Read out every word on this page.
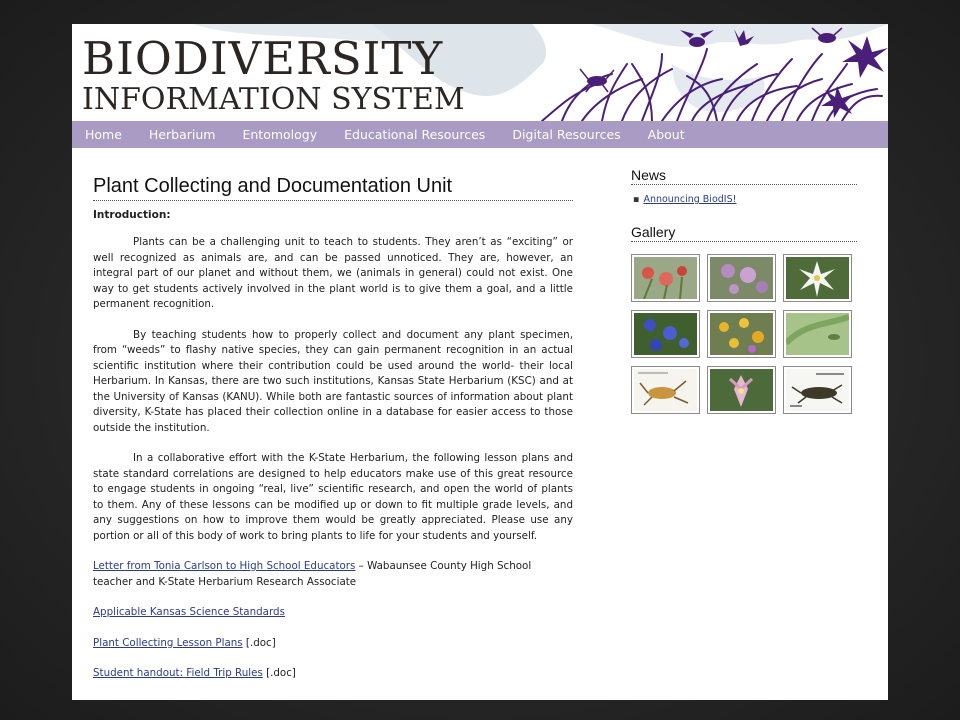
BIODIVERSITY
INFORMATION SYSTEM
Home Herbarium Entomology Educational Resources Digital Resources About
Plant Collecting and Documentation Unit
Introduction:

Plants can be a challenging unit to teach to students. They aren’t as “exciting” or well recognized as animals are, and can be passed unnoticed. They are, however, an integral part of our planet and without them, we (animals in general) could not exist. One way to get students actively involved in the plant world is to give them a goal, and a little permanent recognition.

By teaching students how to properly collect and document any plant specimen, from “weeds” to flashy native species, they can gain permanent recognition in an actual scientific institution where their contribution could be used around the world- their local Herbarium. In Kansas, there are two such institutions, Kansas State Herbarium (KSC) and at the University of Kansas (KANU). While both are fantastic sources of information about plant diversity, K-State has placed their collection online in a database for easier access to those outside the institution.

In a collaborative effort with the K-State Herbarium, the following lesson plans and state standard correlations are designed to help educators make use of this great resource to engage students in ongoing “real, live” scientific research, and open the world of plants to them. Any of these lessons can be modified up or down to fit multiple grade levels, and any suggestions on how to improve them would be greatly appreciated. Please use any portion or all of this body of work to bring plants to life for your students and yourself.

Letter from Tonia Carlson to High School Educators – Wabaunsee County High School teacher and K-State Herbarium Research Associate

Applicable Kansas Science Standards

Plant Collecting Lesson Plans [.doc]

Student handout: Field Trip Rules [.doc]

News
▪ Announcing BiodIS!
Gallery
